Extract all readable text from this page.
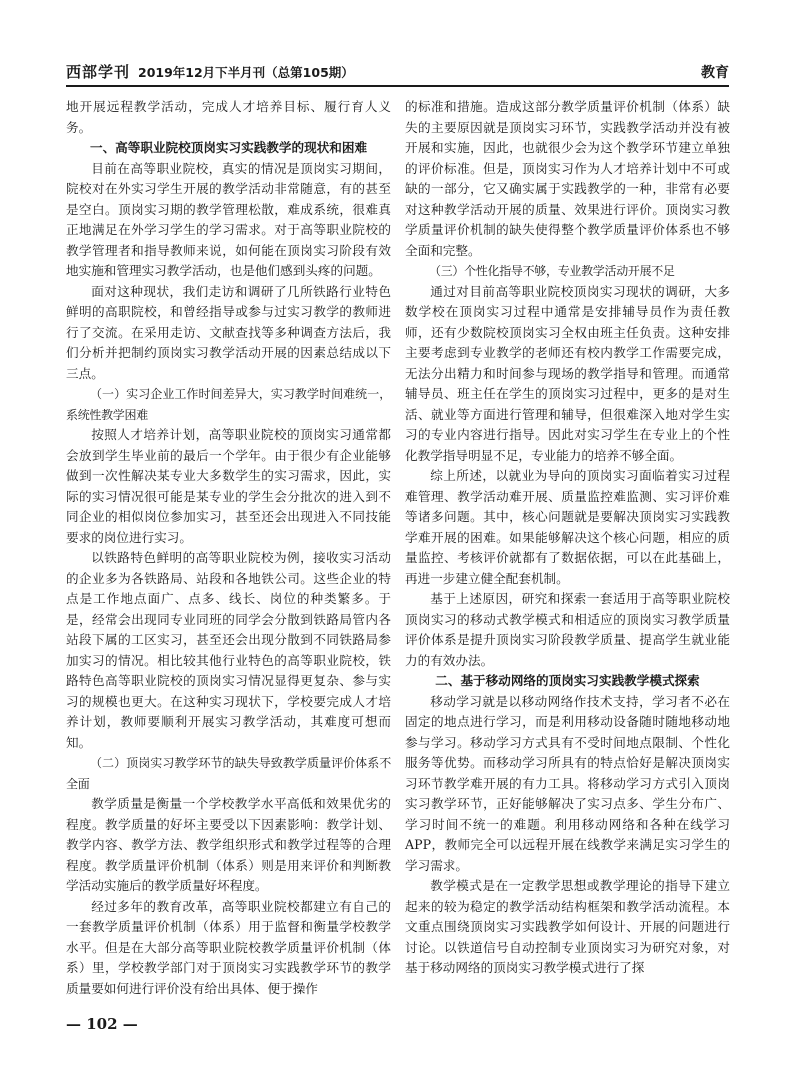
西部学刊 2019年12月下半月刊（总第105期）	教育

地开展远程教学活动，完成人才培养目标、履行育人义务。

一、高等职业院校顶岗实习实践教学的现状和困难

目前在高等职业院校，真实的情况是顶岗实习期间，院校对在外实习学生开展的教学活动非常随意，有的甚至是空白。顶岗实习期的教学管理松散，难成系统，很难真正地满足在外学习学生的学习需求。对于高等职业院校的教学管理者和指导教师来说，如何能在顶岗实习阶段有效地实施和管理实习教学活动，也是他们感到头疼的问题。

面对这种现状，我们走访和调研了几所铁路行业特色鲜明的高职院校，和曾经指导或参与过实习教学的教师进行了交流。在采用走访、文献查找等多种调查方法后，我们分析并把制约顶岗实习教学活动开展的因素总结成以下三点。

（一）实习企业工作时间差异大，实习教学时间难统一，系统性教学困难

按照人才培养计划，高等职业院校的顶岗实习通常都会放到学生毕业前的最后一个学年。由于很少有企业能够做到一次性解决某专业大多数学生的实习需求，因此，实际的实习情况很可能是某专业的学生会分批次的进入到不同企业的相似岗位参加实习，甚至还会出现进入不同技能要求的岗位进行实习。

以铁路特色鲜明的高等职业院校为例，接收实习活动的企业多为各铁路局、站段和各地铁公司。这些企业的特点是工作地点面广、点多、线长、岗位的种类繁多。于是，经常会出现同专业同班的同学会分散到铁路局管内各站段下属的工区实习，甚至还会出现分散到不同铁路局参加实习的情况。相比较其他行业特色的高等职业院校，铁路特色高等职业院校的顶岗实习情况显得更复杂、参与实习的规模也更大。在这种实习现状下，学校要完成人才培养计划，教师要顺利开展实习教学活动，其难度可想而知。

（二）顶岗实习教学环节的缺失导致教学质量评价体系不全面

教学质量是衡量一个学校教学水平高低和效果优劣的程度。教学质量的好坏主要受以下因素影响：教学计划、教学内容、教学方法、教学组织形式和教学过程等的合理程度。教学质量评价机制（体系）则是用来评价和判断教学活动实施后的教学质量好坏程度。

经过多年的教育改革，高等职业院校都建立有自己的一套教学质量评价机制（体系）用于监督和衡量学校教学水平。但是在大部分高等职业院校教学质量评价机制（体系）里，学校教学部门对于顶岗实习实践教学环节的教学质量要如何进行评价没有给出具体、便于操作

的标准和措施。造成这部分教学质量评价机制（体系）缺失的主要原因就是顶岗实习环节，实践教学活动并没有被开展和实施，因此，也就很少会为这个教学环节建立单独的评价标准。但是，顶岗实习作为人才培养计划中不可或缺的一部分，它又确实属于实践教学的一种，非常有必要对这种教学活动开展的质量、效果进行评价。顶岗实习教学质量评价机制的缺失使得整个教学质量评价体系也不够全面和完整。

（三）个性化指导不够，专业教学活动开展不足

通过对目前高等职业院校顶岗实习现状的调研，大多数学校在顶岗实习过程中通常是安排辅导员作为责任教师，还有少数院校顶岗实习全权由班主任负责。这种安排主要考虑到专业教学的老师还有校内教学工作需要完成，无法分出精力和时间参与现场的教学指导和管理。而通常辅导员、班主任在学生的顶岗实习过程中，更多的是对生活、就业等方面进行管理和辅导，但很难深入地对学生实习的专业内容进行指导。因此对实习学生在专业上的个性化教学指导明显不足，专业能力的培养不够全面。

综上所述，以就业为导向的顶岗实习面临着实习过程难管理、教学活动难开展、质量监控难监测、实习评价难等诸多问题。其中，核心问题就是要解决顶岗实习实践教学难开展的困难。如果能够解决这个核心问题，相应的质量监控、考核评价就都有了数据依据，可以在此基础上，再进一步建立健全配套机制。

基于上述原因，研究和探索一套适用于高等职业院校顶岗实习的移动式教学模式和相适应的顶岗实习教学质量评价体系是提升顶岗实习阶段教学质量、提高学生就业能力的有效办法。

二、基于移动网络的顶岗实习实践教学模式探索

移动学习就是以移动网络作技术支持，学习者不必在固定的地点进行学习，而是利用移动设备随时随地移动地参与学习。移动学习方式具有不受时间地点限制、个性化服务等优势。而移动学习所具有的特点恰好是解决顶岗实习环节教学难开展的有力工具。将移动学习方式引入顶岗实习教学环节，正好能够解决了实习点多、学生分布广、学习时间不统一的难题。利用移动网络和各种在线学习APP，教师完全可以远程开展在线教学来满足实习学生的学习需求。

教学模式是在一定教学思想或教学理论的指导下建立起来的较为稳定的教学活动结构框架和教学活动流程。本文重点围绕顶岗实习实践教学如何设计、开展的问题进行讨论。以铁道信号自动控制专业顶岗实习为研究对象，对基于移动网络的顶岗实习教学模式进行了探

— 102 —
